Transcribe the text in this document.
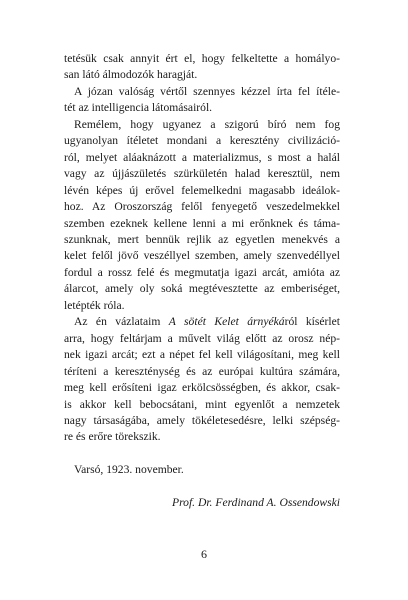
tetésük csak annyit ért el, hogy felkeltette a homályo-
san látó álmodozók haragját.

A józan valóság vértől szennyes kézzel írta fel ítéle-
tét az intelligencia látomásairól.

Remélem, hogy ugyanez a szigorú bíró nem fog
ugyanolyan ítéletet mondani a keresztény civilizáció-
ról, melyet aláaknázott a materializmus, s most a halál
vagy az újjászületés szürkületén halad keresztül, nem
lévén képes új erővel felemelkedni magasabb ideálok-
hoz. Az Oroszország felől fenyegető veszedelmekkel
szemben ezeknek kellene lenni a mi erőnknek és táma-
szunknak, mert bennük rejlik az egyetlen menekvés a
kelet felől jövő veszéllyel szemben, amely szenvedéllyel
fordul a rossz felé és megmutatja igazi arcát, amióta az
álarcot, amely oly soká megtévesztette az emberiséget,
letépték róla.

Az én vázlataim A sötét Kelet árnyékáról kísérlet
arra, hogy feltárjam a művelt világ előtt az orosz nép-
nek igazi arcát; ezt a népet fel kell világosítani, meg kell
téríteni a kereszténység és az európai kultúra számára,
meg kell erősíteni igaz erkölcsösségben, és akkor, csak-
is akkor kell bebocsátani, mint egyenlőt a nemzetek
nagy társaságába, amely tökéletesedésre, lelki szépség-
re és erőre törekszik.

Varsó, 1923. november.
Prof. Dr. Ferdinand A. Ossendowski
6
